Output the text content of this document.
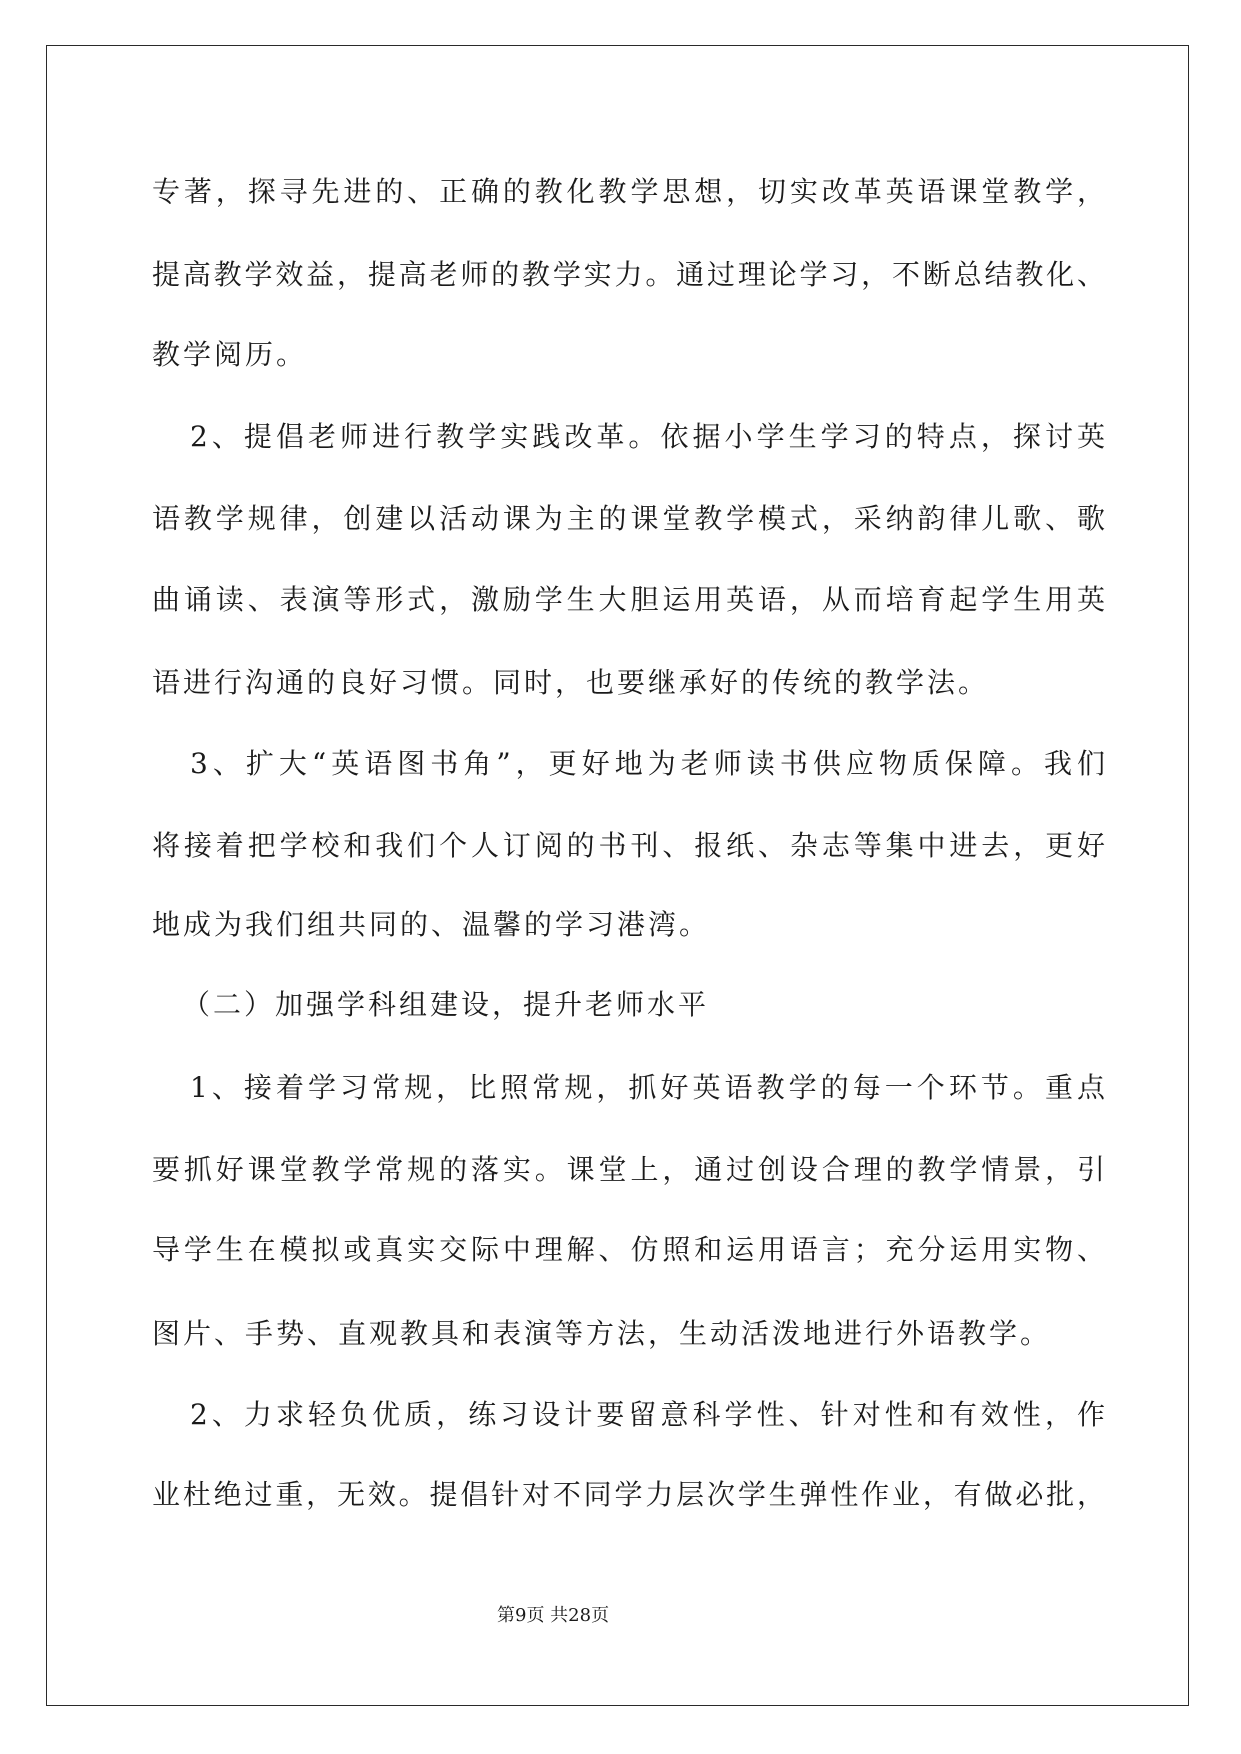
专著，探寻先进的、正确的教化教学思想，切实改革英语课堂教学，
提高教学效益，提高老师的教学实力。通过理论学习，不断总结教化、
教学阅历。
2、提倡老师进行教学实践改革。依据小学生学习的特点，探讨英
语教学规律，创建以活动课为主的课堂教学模式，采纳韵律儿歌、歌
曲诵读、表演等形式，激励学生大胆运用英语，从而培育起学生用英
语进行沟通的良好习惯。同时，也要继承好的传统的教学法。
3、扩大“英语图书角”，更好地为老师读书供应物质保障。我们
将接着把学校和我们个人订阅的书刊、报纸、杂志等集中进去，更好
地成为我们组共同的、温馨的学习港湾。
（二）加强学科组建设，提升老师水平
1、接着学习常规，比照常规，抓好英语教学的每一个环节。重点
要抓好课堂教学常规的落实。课堂上，通过创设合理的教学情景，引
导学生在模拟或真实交际中理解、仿照和运用语言；充分运用实物、
图片、手势、直观教具和表演等方法，生动活泼地进行外语教学。
2、力求轻负优质，练习设计要留意科学性、针对性和有效性，作
业杜绝过重，无效。提倡针对不同学力层次学生弹性作业，有做必批，
第9页 共28页
